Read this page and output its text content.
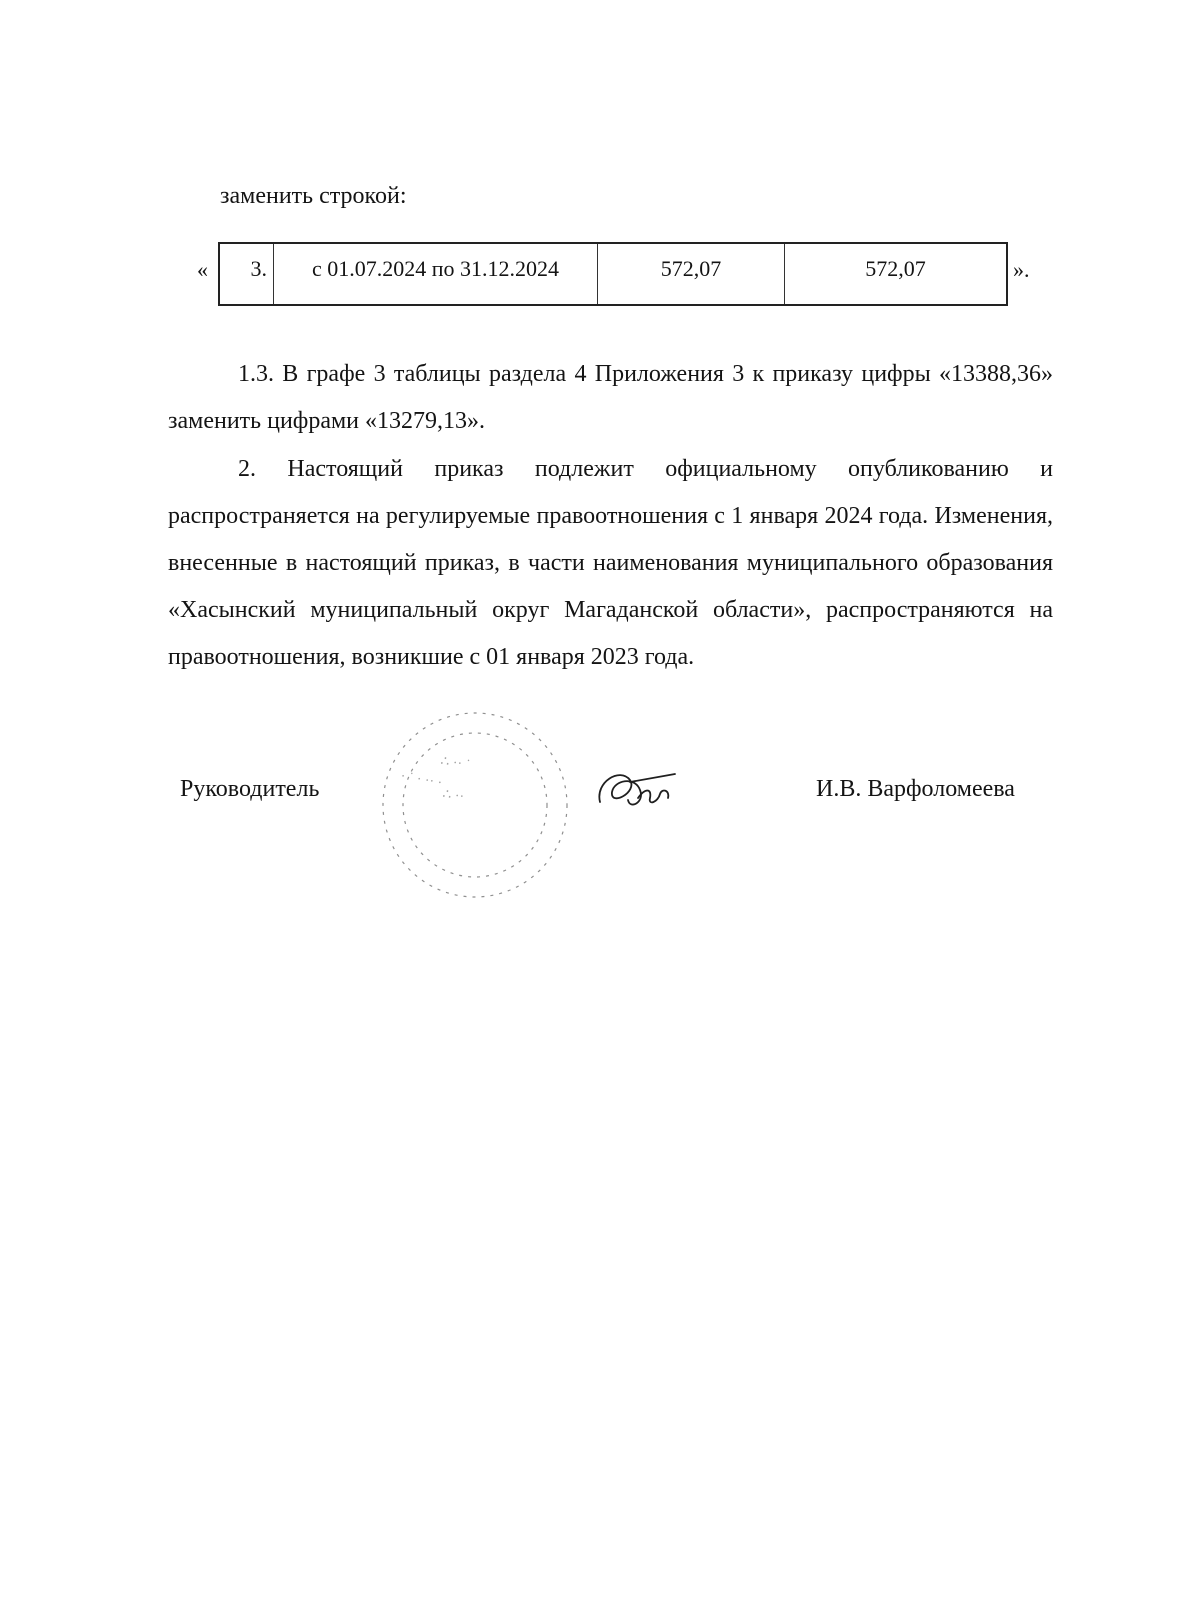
заменить строкой:
«	3.	с 01.07.2024 по 31.12.2024	572,07	572,07	».

1.3. В графе 3 таблицы раздела 4 Приложения 3 к приказу цифры «13388,36» заменить цифрами «13279,13».

2. Настоящий приказ подлежит официальному опубликованию и распространяется на регулируемые правоотношения с 1 января 2024 года. Изменения, внесенные в настоящий приказ, в части наименования муниципального образования «Хасынский муниципальный округ Магаданской области», распространяются на правоотношения, возникшие с 01 января 2023 года.

∴ ·· ˙
· ˙ · ·· ·
∴ ··
Руководитель	И.В. Варфоломеева
